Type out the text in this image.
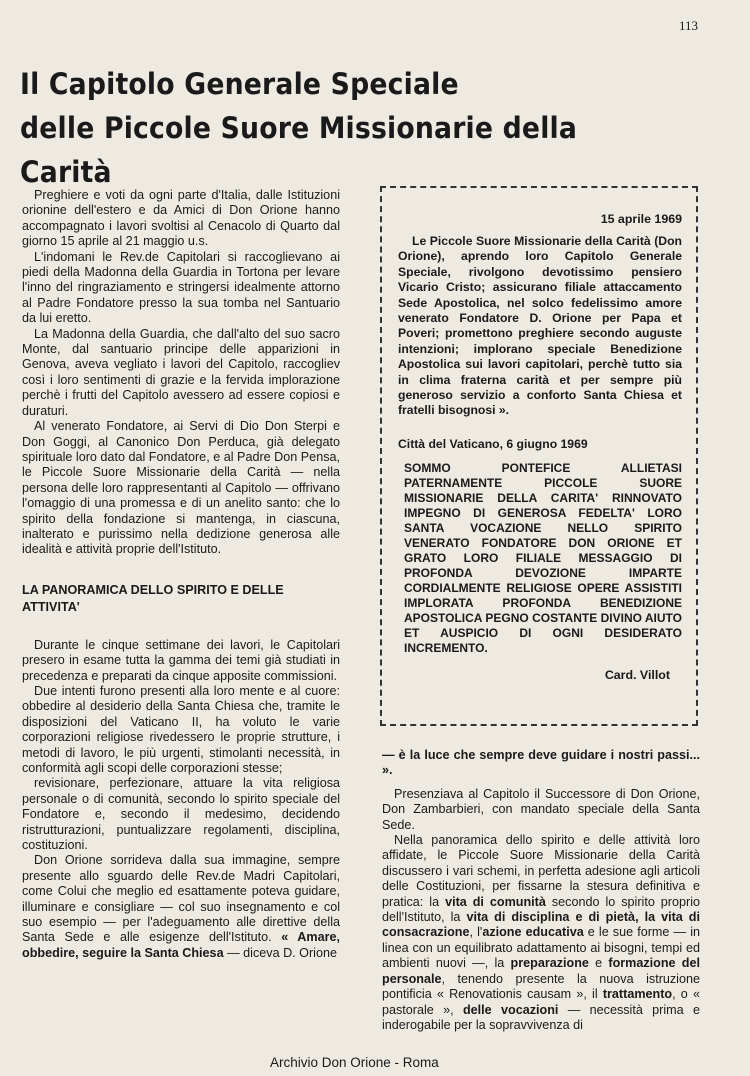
113
Il Capitolo Generale Speciale
delle Piccole Suore Missionarie della Carità

Preghiere e voti da ogni parte d'Italia, dalle Istituzioni orionine dell'estero e da Amici di Don Orione hanno accompagnato i lavori svoltisi al Cenacolo di Quarto dal giorno 15 aprile al 21 maggio u.s.

L'indomani le Rev.de Capitolari si raccoglievano ai piedi della Madonna della Guardia in Tortona per levare l'inno del ringraziamento e stringersi idealmente attorno al Padre Fondatore presso la sua tomba nel Santuario da lui eretto.

La Madonna della Guardia, che dall'alto del suo sacro Monte, dal santuario principe delle apparizioni in Genova, aveva vegliato i lavori del Capitolo, raccogliev così i loro sentimenti di grazie e la fervida implorazione perchè i frutti del Capitolo avessero ad essere copiosi e duraturi.

Al venerato Fondatore, ai Servi di Dio Don Sterpi e Don Goggi, al Canonico Don Perduca, già delegato spirituale loro dato dal Fondatore, e al Padre Don Pensa, le Piccole Suore Missionarie della Carità — nella persona delle loro rappresentanti al Capitolo — offrivano l'omaggio di una promessa e di un anelito santo: che lo spirito della fondazione si mantenga, in ciascuna, inalterato e purissimo nella dedizione generosa alle idealità e attività proprie dell'Istituto.

LA PANORAMICA DELLO SPIRITO E DELLE ATTIVITA'

Durante le cinque settimane dei lavori, le Capitolari presero in esame tutta la gamma dei temi già studiati in precedenza e preparati da cinque apposite commissioni.

Due intenti furono presenti alla loro mente e al cuore: obbedire al desiderio della Santa Chiesa che, tramite le disposizioni del Vaticano II, ha voluto le varie corporazioni religiose rivedessero le proprie strutture, i metodi di lavoro, le più urgenti, stimolanti necessità, in conformità agli scopi delle corporazioni stesse;

revisionare, perfezionare, attuare la vita religiosa personale o di comunità, secondo lo spirito speciale del Fondatore e, secondo il medesimo, decidendo ristrutturazioni, puntualizzare regolamenti, disciplina, costituzioni.

Don Orione sorrideva dalla sua immagine, sempre presente allo sguardo delle Rev.de Madri Capitolari, come Colui che meglio ed esattamente poteva guidare, illuminare e consigliare — col suo insegnamento e col suo esempio — per l'adeguamento alle direttive della Santa Sede e alle esigenze dell'Istituto. « Amare, obbedire, seguire la Santa Chiesa — diceva D. Orione

15 aprile 1969

Le Piccole Suore Missionarie della Carità (Don Orione), aprendo loro Capitolo Generale Speciale, rivolgono devotissimo pensiero Vicario Cristo; assicurano filiale attaccamento Sede Apostolica, nel solco fedelissimo amore venerato Fondatore D. Orione per Papa et Poveri; promettono preghiere secondo auguste intenzioni; implorano speciale Benedizione Apostolica sui lavori capitolari, perchè tutto sia in clima fraterna carità et per sempre più generoso servizio a conforto Santa Chiesa et fratelli bisognosi ».

Città del Vaticano, 6 giugno 1969

SOMMO PONTEFICE ALLIETASI PATERNAMENTE PICCOLE SUORE MISSIONARIE DELLA CARITA' RINNOVATO IMPEGNO DI GENEROSA FEDELTA' LORO SANTA VOCAZIONE NELLO SPIRITO VENERATO FONDATORE DON ORIONE ET GRATO LORO FILIALE MESSAGGIO DI PROFONDA DEVOZIONE IMPARTE CORDIALMENTE RELIGIOSE OPERE ASSISTITI IMPLORATA PROFONDA BENEDIZIONE APOSTOLICA PEGNO COSTANTE DIVINO AIUTO ET AUSPICIO DI OGNI DESIDERATO INCREMENTO.

Card. Villot

— è la luce che sempre deve guidare i nostri passi... ».

Presenziava al Capitolo il Successore di Don Orione, Don Zambarbieri, con mandato speciale della Santa Sede.

Nella panoramica dello spirito e delle attività loro affidate, le Piccole Suore Missionarie della Carità discussero i vari schemi, in perfetta adesione agli articoli delle Costituzioni, per fissarne la stesura definitiva e pratica: la vita di comunità secondo lo spirito proprio dell'Istituto, la vita di disciplina e di pietà, la vita di consacrazione, l'azione educativa e le sue forme — in linea con un equilibrato adattamento ai bisogni, tempi ed ambienti nuovi —, la preparazione e formazione del personale, tenendo presente la nuova istruzione pontificia « Renovationis causam », il trattamento, o « pastorale », delle vocazioni — necessità prima e inderogabile per la sopravvivenza di

Archivio Don Orione - Roma
